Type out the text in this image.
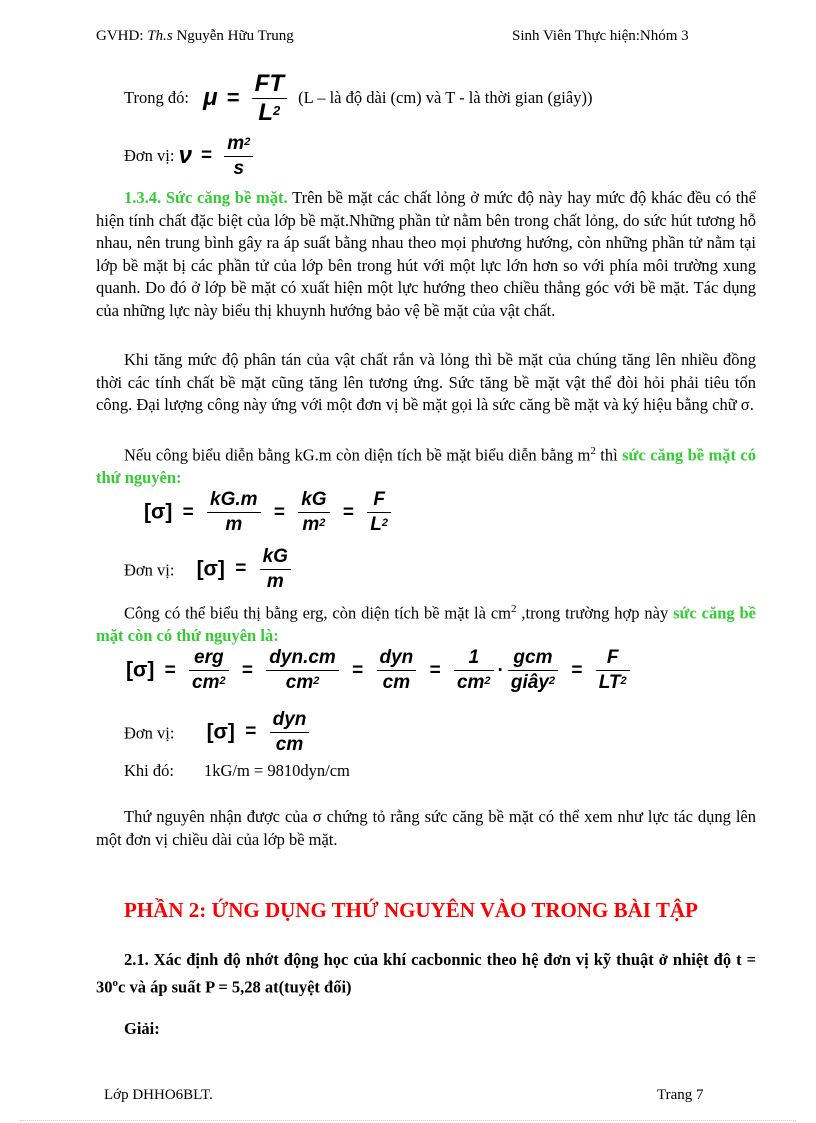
GVHD: Th.s Nguyễn Hữu Trung	Sinh Viên Thực hiện:Nhóm 3
Trong đó: $\mu = \frac{FT}{L^2} (L$ – là độ dài (cm) và T - là thời gian (giây))
Đơn vị: $\nu = \frac{m^2}{s}$
1.3.4. Sức căng bề mặt. Trên bề mặt các chất lỏng ở mức độ này hay mức độ khác đều có thể hiện tính chất đặc biệt của lớp bề mặt.Những phần tử nằm bên trong chất lỏng, do sức hút tương hỗ nhau, nên trung bình gây ra áp suất bằng nhau theo mọi phương hướng, còn những phần tử nằm tại lớp bề mặt bị các phần tử của lớp bên trong hút với một lực lớn hơn so với phía môi trường xung quanh. Do đó ở lớp bề mặt có xuất hiện một lực hướng theo chiều thẳng góc với bề mặt. Tác dụng của những lực này biểu thị khuynh hướng bảo vệ bề mặt của vật chất.
Khi tăng mức độ phân tán của vật chất rắn và lỏng thì bề mặt của chúng tăng lên nhiều đồng thời các tính chất bề mặt cũng tăng lên tương ứng. Sức tăng bề mặt vật thể đòi hỏi phải tiêu tốn công. Đại lượng công này ứng với một đơn vị bề mặt gọi là sức căng bề mặt và ký hiệu bằng chữ σ.
Nếu công biểu diễn bằng kG.m còn diện tích bề mặt biểu diễn bằng $m^2$ thì sức căng bề mặt có thứ nguyên:
$[\sigma] = \frac{kG.m}{m} = \frac{kG}{m^2} = \frac{F}{L^2}$
Đơn vị: $[\sigma] = \frac{kG}{m}$
Công có thể biểu thị bằng erg, còn diện tích bề mặt là $cm^2$ ,trong trường hợp này sức căng bề mặt còn có thứ nguyên là:
$[\sigma] = \frac{\text{erg}}{cm^2} = \frac{\text{dyn.cm}}{cm^2} = \frac{\text{dyn}}{cm} = \frac{1}{cm^2} \cdot \frac{\text{gcm}}{giây^2} = \frac{F}{LT^2}$
Đơn vị: $[\sigma] = \frac{\text{dyn}}{cm}$
Khi đó: 1kG/m = 9810dyn/cm
Thứ nguyên nhận được của σ chứng tỏ rằng sức căng bề mặt có thể xem như lực tác dụng lên một đơn vị chiều dài của lớp bề mặt.
PHẦN 2: ỨNG DỤNG THỨ NGUYÊN VÀO TRONG BÀI TẬP
2.1. Xác định độ nhớt động học của khí cacbonnic theo hệ đơn vị kỹ thuật ở nhiệt độ $t = 30^oc$ và áp suất P = 5,28 at(tuyệt đối)
Giải:
Lớp DHHO6BLT.	Trang 7
